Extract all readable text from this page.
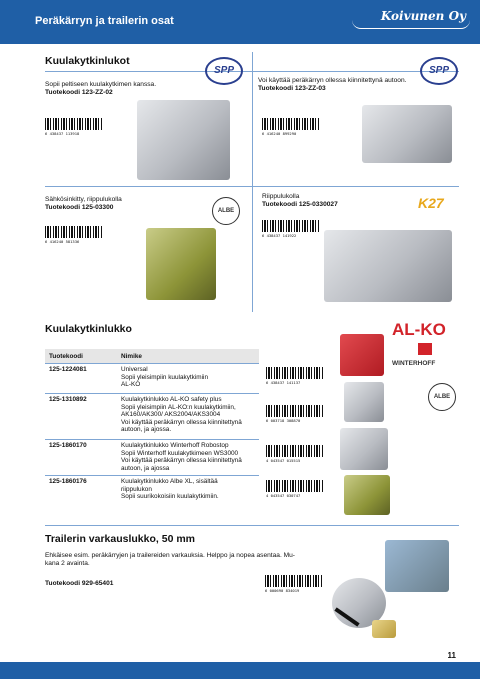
Peräkärryn ja trailerin osat	Koivunen Oy
Kuulakytkinlukot
Sopii peltiseen kuulakytkimen kanssa.
Tuotekoodi 123-ZZ-02
SPP
6 438437 113918
Voi käyttää peräkärryn ollessa kiinnitettynä autoon.
Tuotekoodi 123-ZZ-03
SPP
6 416240 899290
Sähkösinkitty, riippulukolla
Tuotekoodi 125-03300	ALBE
6 416240 581336
Riippulukolla
Tuotekoodi 125-0330027	K27
6 438437 141922
Kuulakytkinlukko
Tuotekoodi	Nimike
125-1224081	Universal
Sopii yleisimpiin kuulakytkimiin
AL-KO

125-1310892	Kuulakytkinlukko AL-KO safety plus
Sopii yleisimpiin AL-KO:n kuulakytkimiin,
AK160/AK300/ AKS2004/AKS3004
Voi käyttää peräkärryn ollessa kiinnitettynä
autoon, ja ajossa.

125-1860170	Kuulakytkinlukko Winterhoff Robostop
Sopii Winterhoff kuulakytkimeen WS3000
Voi käyttää peräkärryn ollessa kiinnitettynä
autoon, ja ajossa

125-1860176	Kuulakytkinlukko Albe XL, sisältää
riippulukon
Sopii suurikokoisiin kuulakytkimiin.
6 438437 141137
6 003718 308870
4 043547 015515
4 043547 030747
AL-KO
WINTERHOFF
ALBE
Trailerin varkauslukko, 50 mm
Ehkäisee esim. peräkärryjen ja trailereiden varkauksia. Helppo ja nopea asentaa. Mu-
kana 2 avainta.
Tuotekoodi 929-65401
6 000690 834019
11
